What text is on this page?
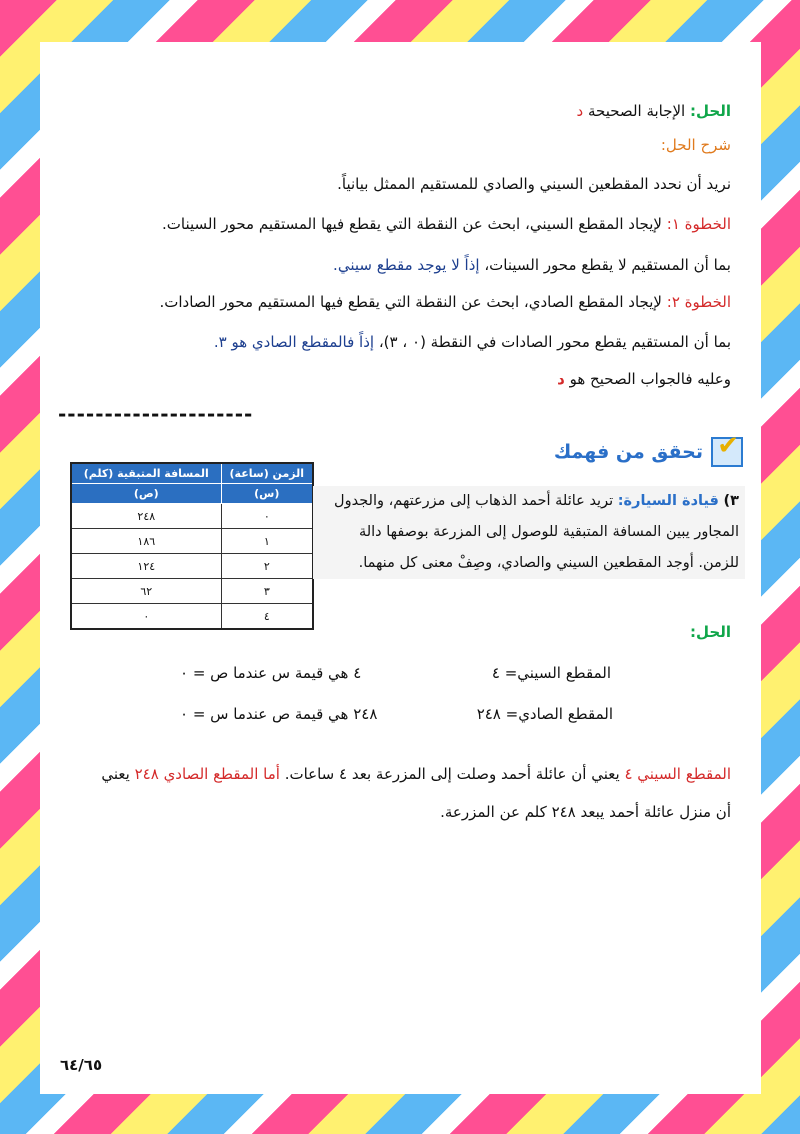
الحل: الإجابة الصحيحة د
شرح الحل:
نريد أن نحدد المقطعين السيني والصادي للمستقيم الممثل بيانياً.
الخطوة ١: لإيجاد المقطع السيني، ابحث عن النقطة التي يقطع فيها المستقيم محور السينات.
بما أن المستقيم لا يقطع محور السينات، إذاً لا يوجد مقطع سيني.
الخطوة ٢: لإيجاد المقطع الصادي، ابحث عن النقطة التي يقطع فيها المستقيم محور الصادات.
بما أن المستقيم يقطع محور الصادات في النقطة (٠ ، ٣)، إذاً فالمقطع الصادي هو ٣.
وعليه فالجواب الصحيح هو د
---------------------
✔
تحقق من فهمك
الزمن (ساعة)	المسافة المتبقية (كلم)
(س)	(ص)
٠	٢٤٨
١	١٨٦
٢	١٢٤
٣	٦٢
٤	٠
٣) قيادة السيارة: تريد عائلة أحمد الذهاب إلى مزرعتهم، والجدول المجاور يبين المسافة المتبقية للوصول إلى المزرعة بوصفها دالة للزمن. أوجد المقطعين السيني والصادي، وصِفْ معنى كل منهما.
الحل:
المقطع السيني= ٤
٤ هي قيمة س عندما ص = ٠
المقطع الصادي= ٢٤٨
٢٤٨ هي قيمة ص عندما س = ٠
المقطع السيني ٤ يعني أن عائلة أحمد وصلت إلى المزرعة بعد ٤ ساعات. أما المقطع الصادي ٢٤٨ يعني
أن منزل عائلة أحمد يبعد ٢٤٨ كلم عن المزرعة.
٦٤/٦٥
